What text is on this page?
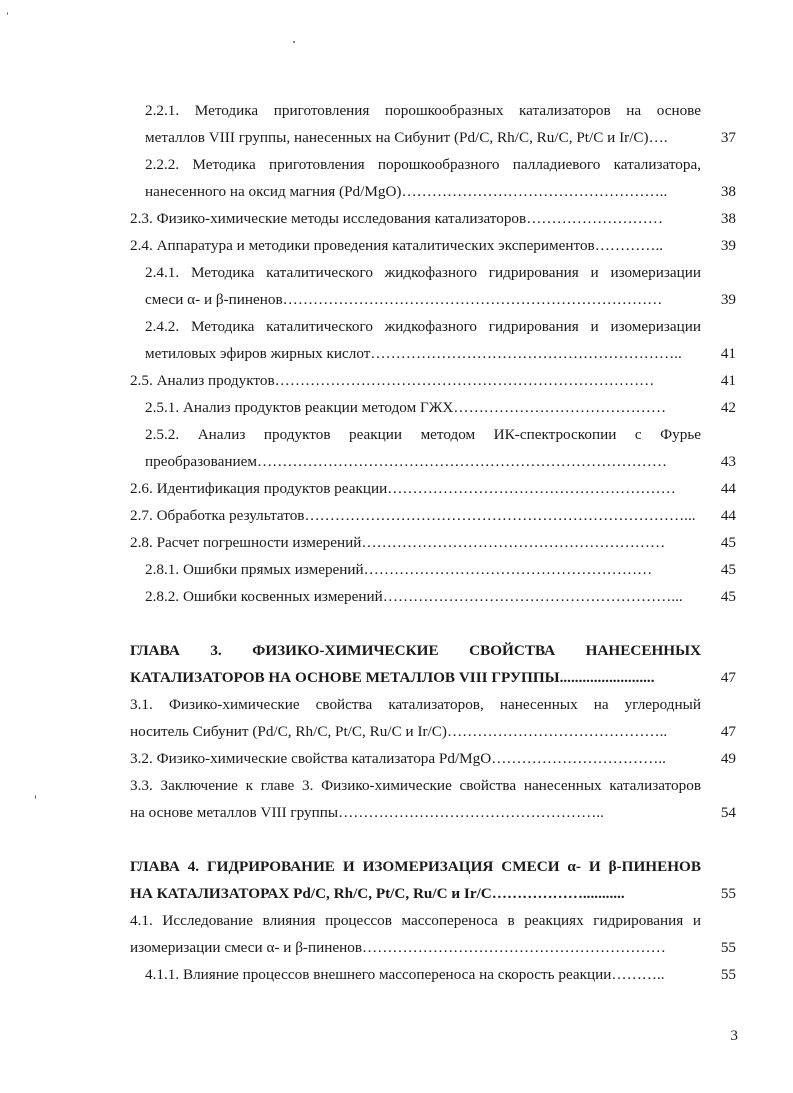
2.2.1. Методика приготовления порошкообразных катализаторов на основе
металлов VIII группы, нанесенных на Сибунит (Pd/C, Rh/C, Ru/C, Pt/C и Ir/C)….	37
2.2.2. Методика приготовления порошкообразного палладиевого катализатора,
нанесенного на оксид магния (Pd/MgO)……………………………………………..	38
2.3. Физико-химические методы исследования катализаторов………………………	38
2.4. Аппаратура и методики проведения каталитических экспериментов…………..	39
2.4.1. Методика каталитического жидкофазного гидрирования и изомеризации
смеси α- и β-пиненов…………………………………………………………………	39
2.4.2. Методика каталитического жидкофазного гидрирования и изомеризации
метиловых эфиров жирных кислот……………………………………………………..	41
2.5. Анализ продуктов…………………………………………………………………	41
2.5.1. Анализ продуктов реакции методом ГЖХ……………………………………	42
2.5.2. Анализ продуктов реакции методом ИК-спектроскопии с Фурье
преобразованием………………………………………………………………………	43
2.6. Идентификация продуктов реакции…………………………………………………	44
2.7. Обработка результатов…………………………………………………………………...	44
2.8. Расчет погрешности измерений……………………………………………………	45
2.8.1. Ошибки прямых измерений…………………………………………………	45
2.8.2. Ошибки косвенных измерений…………………………………………………...	45
ГЛАВА 3. ФИЗИКО-ХИМИЧЕСКИЕ СВОЙСТВА НАНЕСЕННЫХ
КАТАЛИЗАТОРОВ НА ОСНОВЕ МЕТАЛЛОВ VIII ГРУППЫ.........................	47
3.1. Физико-химические свойства катализаторов, нанесенных на углеродный
носитель Сибунит (Pd/C, Rh/C, Pt/C, Ru/C и Ir/C)……………………………………..	47
3.2. Физико-химические свойства катализатора Pd/MgO……………………………..	49
3.3. Заключение к главе 3. Физико-химические свойства нанесенных катализаторов
на основе металлов VIII группы……………………………………………..	54
ГЛАВА 4. ГИДРИРОВАНИЕ И ИЗОМЕРИЗАЦИЯ СМЕСИ α- И β-ПИНЕНОВ
НА КАТАЛИЗАТОРАХ Pd/C, Rh/C, Pt/C, Ru/C и Ir/C………………...........	55
4.1. Исследование влияния процессов массопереноса в реакциях гидрирования и
изомеризации смеси α- и β-пиненов……………………………………………………	55
4.1.1. Влияние процессов внешнего массопереноса на скорость реакции………..	55
3
